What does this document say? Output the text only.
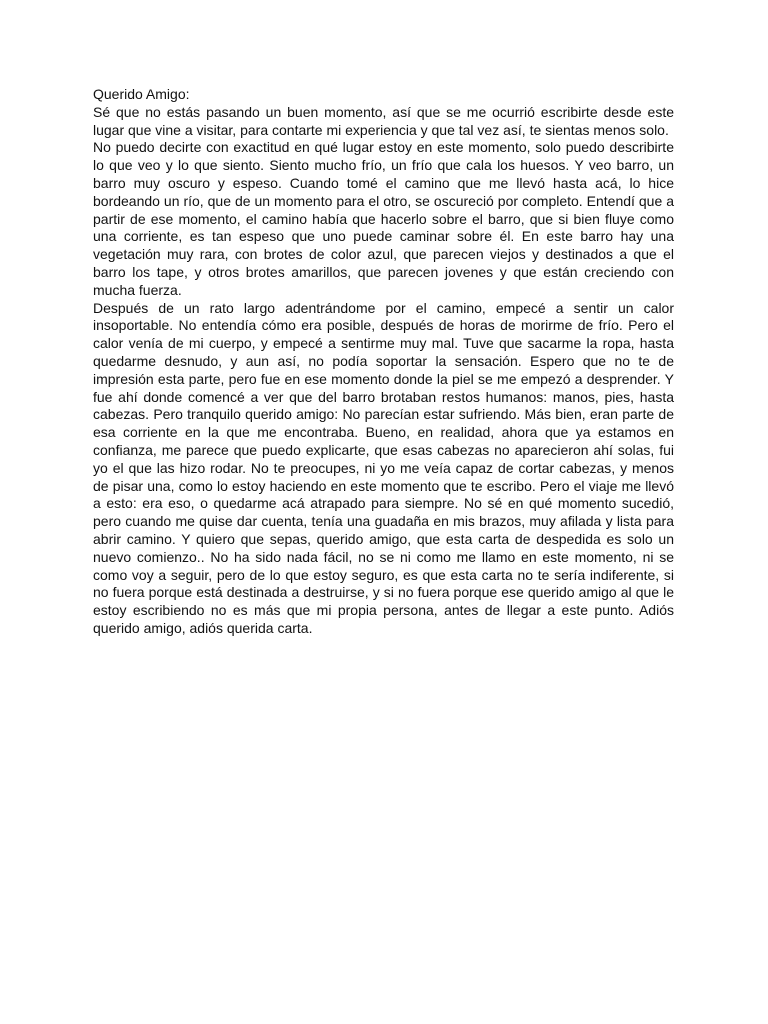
Querido Amigo:

Sé que no estás pasando un buen momento, así que se me ocurrió escribirte desde este lugar que vine a visitar, para contarte mi experiencia y que tal vez así, te sientas menos solo.

No puedo decirte con exactitud en qué lugar estoy en este momento, solo puedo describirte lo que veo y lo que siento. Siento mucho frío, un frío que cala los huesos. Y veo barro, un barro muy oscuro y espeso. Cuando tomé el camino que me llevó hasta acá, lo hice bordeando un río, que de un momento para el otro, se oscureció por completo. Entendí que a partir de ese momento, el camino había que hacerlo sobre el barro, que si bien fluye como una corriente, es tan espeso que uno puede caminar sobre él. En este barro hay una vegetación muy rara, con brotes de color azul, que parecen viejos y destinados a que el barro los tape, y otros brotes amarillos, que parecen jovenes y que están creciendo con mucha fuerza.

Después de un rato largo adentrándome por el camino, empecé a sentir un calor insoportable. No entendía cómo era posible, después de horas de morirme de frío. Pero el calor venía de mi cuerpo, y empecé a sentirme muy mal. Tuve que sacarme la ropa, hasta quedarme desnudo, y aun así, no podía soportar la sensación. Espero que no te de impresión esta parte, pero fue en ese momento donde la piel se me empezó a desprender. Y fue ahí donde comencé a ver que del barro brotaban restos humanos: manos, pies, hasta cabezas. Pero tranquilo querido amigo: No parecían estar sufriendo. Más bien, eran parte de esa corriente en la que me encontraba. Bueno, en realidad, ahora que ya estamos en confianza, me parece que puedo explicarte, que esas cabezas no aparecieron ahí solas, fui yo el que las hizo rodar. No te preocupes, ni yo me veía capaz de cortar cabezas, y menos de pisar una, como lo estoy haciendo en este momento que te escribo. Pero el viaje me llevó a esto: era eso, o quedarme acá atrapado para siempre. No sé en qué momento sucedió, pero cuando me quise dar cuenta, tenía una guadaña en mis brazos, muy afilada y lista para abrir camino. Y quiero que sepas, querido amigo, que esta carta de despedida es solo un nuevo comienzo.. No ha sido nada fácil, no se ni como me llamo en este momento, ni se como voy a seguir, pero de lo que estoy seguro, es que esta carta no te sería indiferente, si no fuera porque está destinada a destruirse, y si no fuera porque ese querido amigo al que le estoy escribiendo no es más que mi propia persona, antes de llegar a este punto. Adiós querido amigo, adiós querida carta.
